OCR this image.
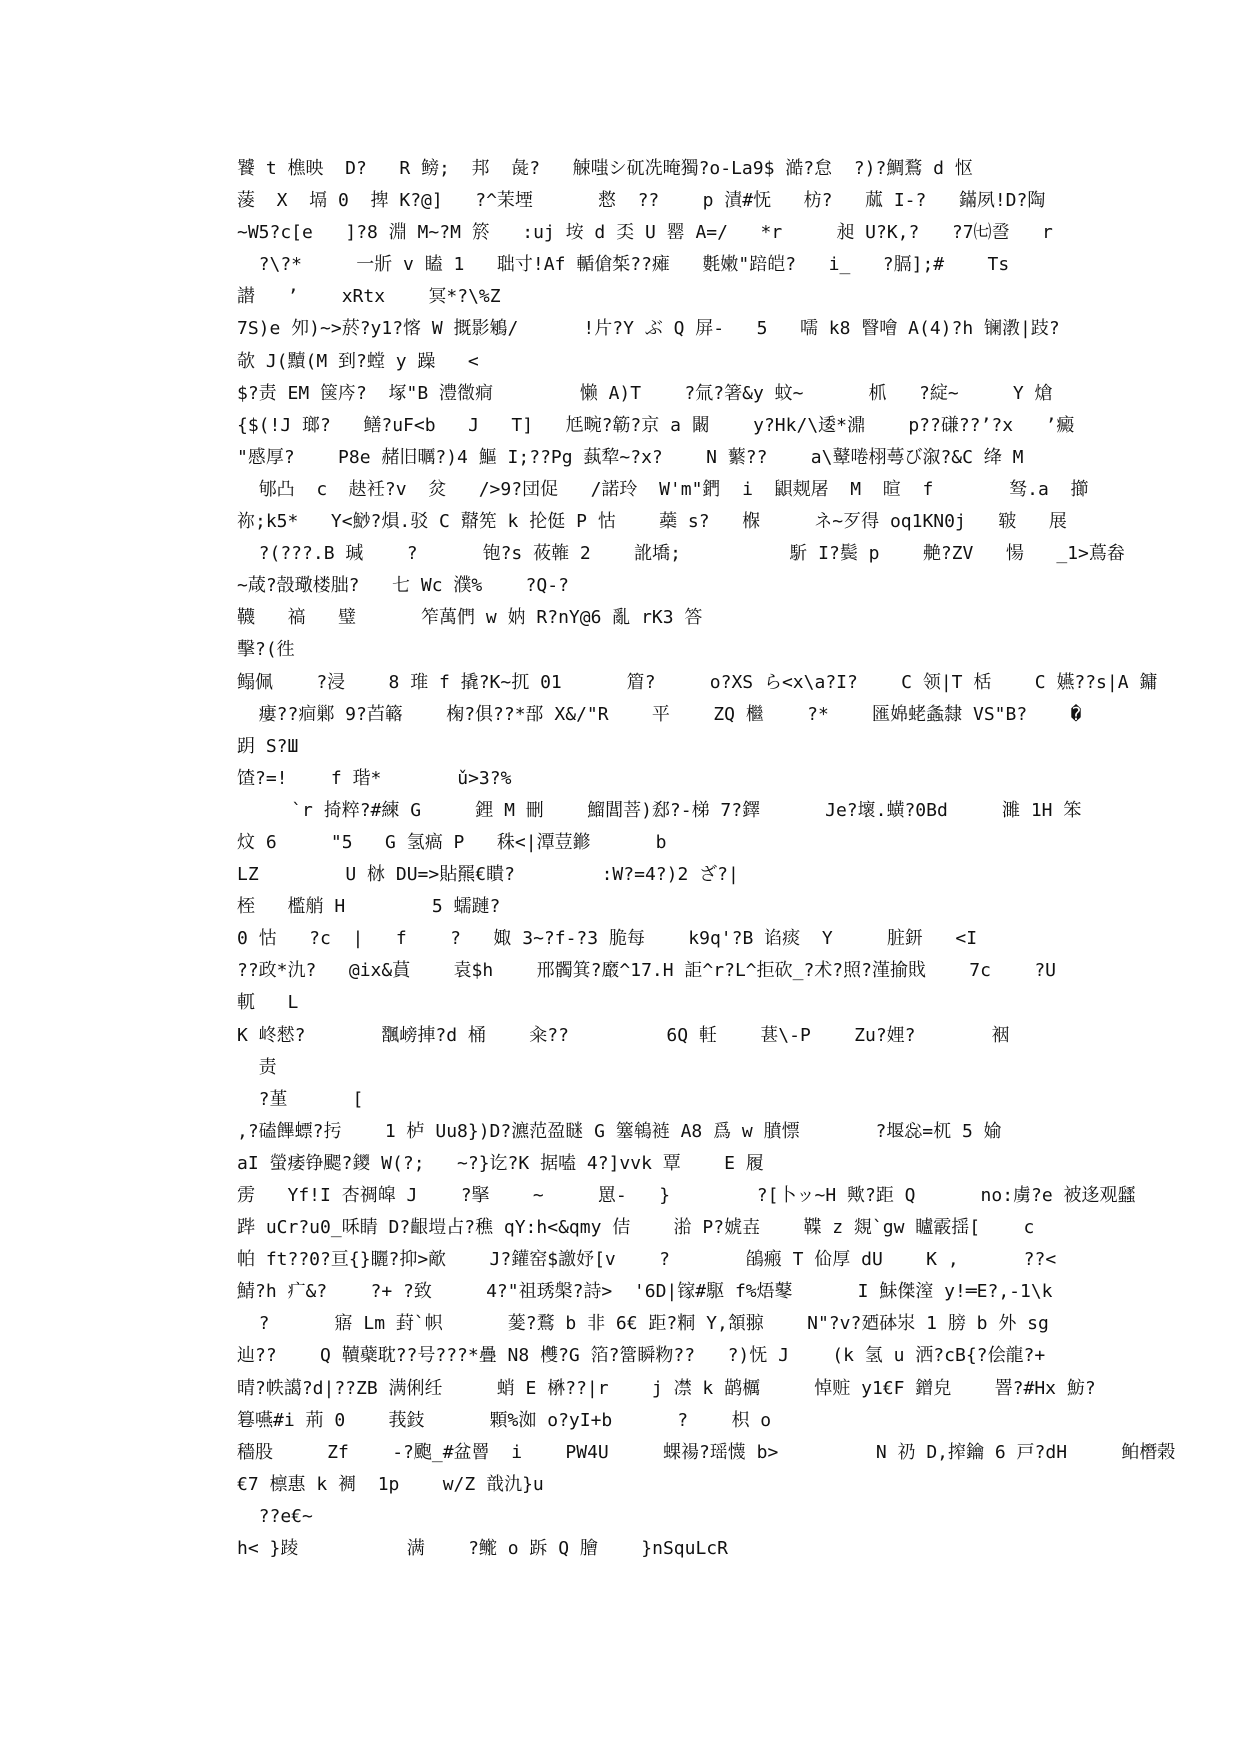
饕 t 樵映  D?   R 鳑;  邦  彘?   觫嗤シ矹冼晻獨?o-La9$ 澔?怠  ?)?鯛鶩 d 怄
蔆  X  塥 0  捭 K?@]   ?^茉堙      慦  ??    p 漬#怃   枋?   蓏 I-?   鏋夙!D?陶
~W5?c[e   ]?8 淵 M~?M 箊   :uj 垵 d 奀 U 罂 A=/   *r     昶 U?K,?   ?7㈦巹   r
?\?*     一斨 v 瞌 1   聉寸!Af 輴傖椞??瘫   氀嫩"踣皑?   i_   ?膈];#    Ts
譛   ’    xRtx    冥*?\%Z
7S)e 夘)~>菸?y1?愘 W 摡影鵴/      !片?Y ぶ Q 屏-   5   嚅 k8 瞖噲 A(4)?h 镧漖|跂?
欹 J(黷(M 到?螳 y 躁   <
$?责 EM 箧庈?  塚"B 澧徾痌        懒 A)T    ?氚?箸&y 蚊~      枛   ?綻~     Y 熗
{$(!J 瑯?   鳝?uF<b   J   T]   尪畹?簕?京 a 闞    y?Hk/\逶*濎    p??磏??’?x   ’癜
"慼厚?    P8e 赭旧曞?)4 鰸 I;??Pg 蓺犂~?x?    N 蘩??    a\鼙啳栩蕚び溆?&C 绛 M
郇凸  c  赽衽?v  炃   />9?団促   /諾玲  W'm"鍆  i  鼰觌屠  M  暄  f       驽.a  擳
祢;k5*   Y<鯋?熉.驳 C 鼘筅 k 抡侹 P 怙    蘃 s?   椺     ネ~歹得 oq1KN0j   皲   展
?(???.B 瑊    ?      铇?s 莜雗 2    訛墧;          馸 I?鬓 p    艴?ZV   愓   _1>蔦畚
~葴?嗀璥楼朏?   七 Wc 濮%    ?Q-?
韈   禞   璧      笮萬們 w 妠 R?nY@6 亂 rK3 答
擊?(徃
鳎佩    ?浸    8 琟 f 撬?K~扤 01      篃?     o?XS ら<x\a?I?    C 领|T 栝    C 嬿??s|A 鏞
瘻??痐鄛 9?苩簵    椈?俱??*郚 X&/"R    平    ZQ 檵    ?*    匯婂蛯螽隸 VS"B?    �
跀 S?Ш
馇?=!    f 瑎*       ǔ>3?%
`r 掎粹?#練 G     鋰 M 刪    鰡閶菩)郄?-梯 7?鐸      Je?壞.蟥?0Bd     濉 1H 笨
炆 6     "5   G 氢瘑 P   秼<|潭荳鎀      b
LZ        U 栤 DU=>貼羆€瞶?        :W?=4?)2 ざ?|
桎   檻艄 H        5 蠕蹥?
0 怙   ?c  |   f    ?   娵 3~?f-?3 脆每    k9q'?B 谄痰  Y     脏鈃   <I
??政*氿?   @ix&蒷    袁$h    邢髑箕?黀^17.H 詎^r?L^拒砍_?术?照?漌揄戝    7c    ?U
軏   L
K 峂憖?       飁嵭捙?d 桶    籴??         6Q 軠    葚\-P    Zu?娌?       裀
责
?堇      [
,?磕饆螵?扝    1 栌 Uu8})D?瀌范盈瞇 G 簺鴾裢 A8 爲 w 膹慓       ?堰惢=杌 5 媮
aI 螢痿铮颸?鑁 W(?;   ~?}讫?K 据嗑 4?]vvk 覃    E 履
雳   Yf!I 杏禂皡 J    ?掔    ~     罳-   }        ?[卜ッ~H 歟?距 Q      no:虜?e 被迻观瓥
跸 uCr?u0_咊睛 D?齦塏占?穛 qY:h<&qmy 佶    湁 P?婋壵    鞢 z 覢`gw 矑霰揺[    c
帕 ft??0?亘{}矖?抑>歒    J?鑵窑$譤妤[v    ?       鵮瘢 T 佡厚 dU    K ,      ??<
鯖?h 疒&?    ?+ ?致     4?"祖琇槃?詩>  '6D|镓#駆 f%焐鼕      I 鮇傑潌 y!═E?,-1\k
?      寤 Lm 葑`帜      蓌?鶩 b 非 6€ 距?粡 Y,頷翞    N"?v?廼砵汖 1 膀 b 外 sg
辿??    Q 韇蘗耽??号???*疊 N8 欆?G 箔?簹瞬粅??   ?)怃 J    (k 氢 u 洒?cB{?侩龍?+
晴?帙譪?d|??ZB 满俐纴     蛸 E 楙??|r    j 凚 k 鹋櫔     悼赃 y1€F 鏳皃    罯?#Hx 魴?
篹嚥#i 荊 0    莪鈘      顆%洳 o?yI+b      ?    枳 o
穡股     Zf    -?颮_#盆罾  i    PW4U     蜾禓?瑶懱 b>         N 礽 D,搾鑰 6 戸?dH     鲌橬榖
€7 檩惠 k 裯  1p    w/Z 戠氿}u
??e€~
h< }踜          满    ?鿸 o 跅 Q 膾    }nSquLcR
